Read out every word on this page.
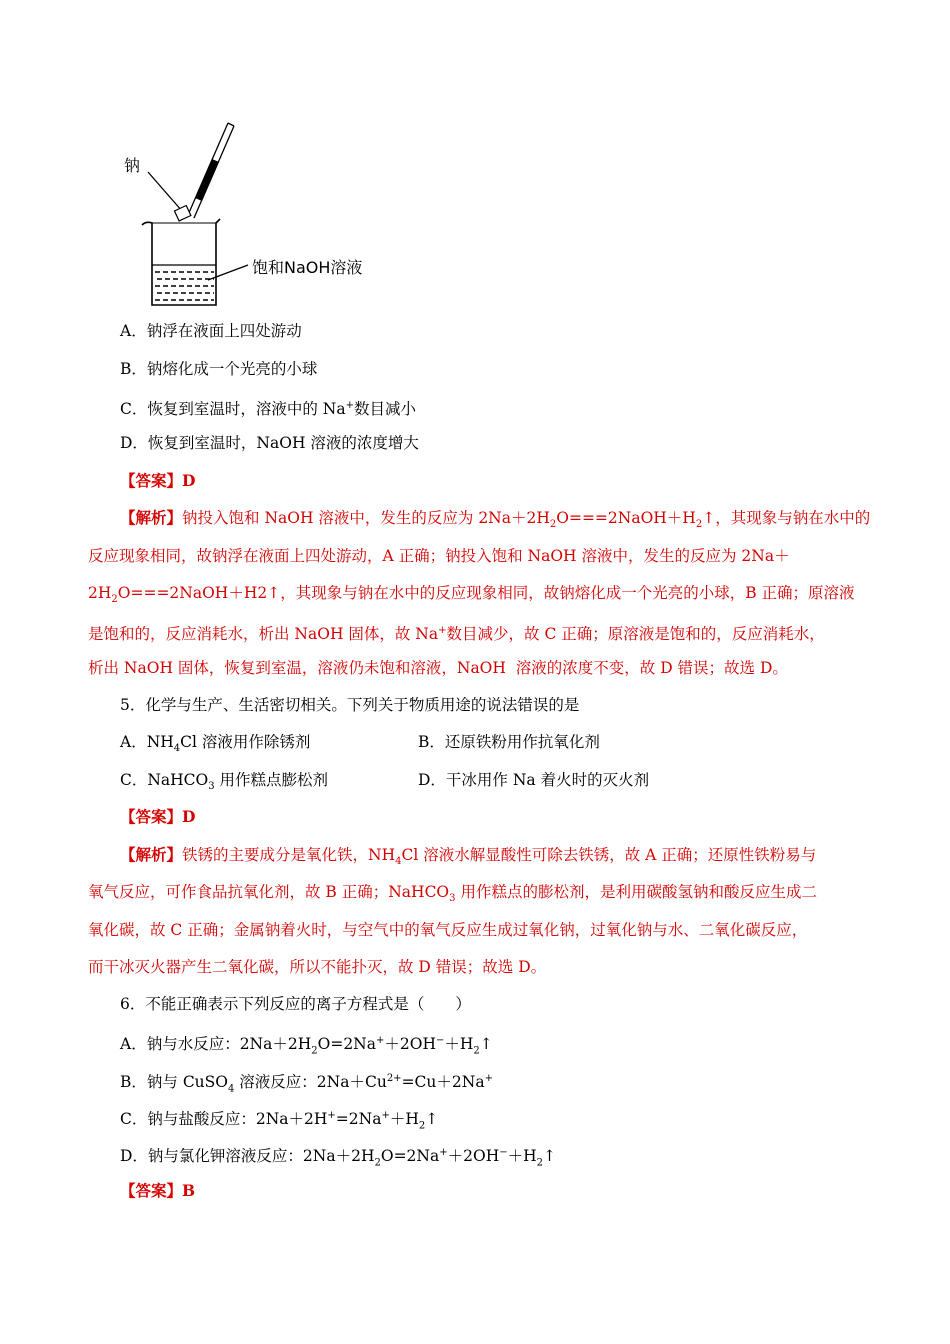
钠
饱和NaOH溶液
A．钠浮在液面上四处游动
B．钠熔化成一个光亮的小球
C．恢复到室温时，溶液中的 Na+数目减小
D．恢复到室温时，NaOH 溶液的浓度增大
【答案】D
【解析】钠投入饱和 NaOH 溶液中，发生的反应为 $2Na+2H_2O===2NaOH+H_2↑$，其现象与钠在水中的
反应现象相同，故钠浮在液面上四处游动，A 正确；钠投入饱和 NaOH 溶液中，发生的反应为 2Na＋
$2H_2O===2NaOH+H2↑$，其现象与钠在水中的反应现象相同，故钠熔化成一个光亮的小球，B 正确；原溶液
是饱和的，反应消耗水，析出 NaOH 固体，故 Na+数目减少，故 C 正确；原溶液是饱和的，反应消耗水，
析出 NaOH 固体，恢复到室温，溶液仍未饱和溶液，NaOH  溶液的浓度不变，故 D 错误；故选 D。
5．化学与生产、生活密切相关。下列关于物质用途的说法错误的是
A．$NH_4Cl$ 溶液用作除锈剂	B．还原铁粉用作抗氧化剂
C．NaHCO$_3$ 用作糕点膨松剂	D．干冰用作 Na 着火时的灭火剂
【答案】D
【解析】铁锈的主要成分是氧化铁，$NH_4Cl$ 溶液水解显酸性可除去铁锈，故 A 正确；还原性铁粉易与
氧气反应，可作食品抗氧化剂，故 B 正确；NaHCO$_3$ 用作糕点的膨松剂，是利用碳酸氢钠和酸反应生成二
氧化碳，故 C 正确；金属钠着火时，与空气中的氧气反应生成过氧化钠，过氧化钠与水、二氧化碳反应，
而干冰灭火器产生二氧化碳，所以不能扑灭，故 D 错误；故选 D。
6．不能正确表示下列反应的离子方程式是（　　）
A．钠与水反应：$2Na+2H_2O=2Na^++2OH^-+H_2↑$
B．钠与 CuSO$_4$ 溶液反应：$2Na+Cu^{2+}=Cu+2Na^+$
C．钠与盐酸反应：$2Na+2H^+=2Na^++H_2↑$
D．钠与氯化钾溶液反应：$2Na+2H_2O=2Na^++2OH^-+H_2↑$
【答案】B
